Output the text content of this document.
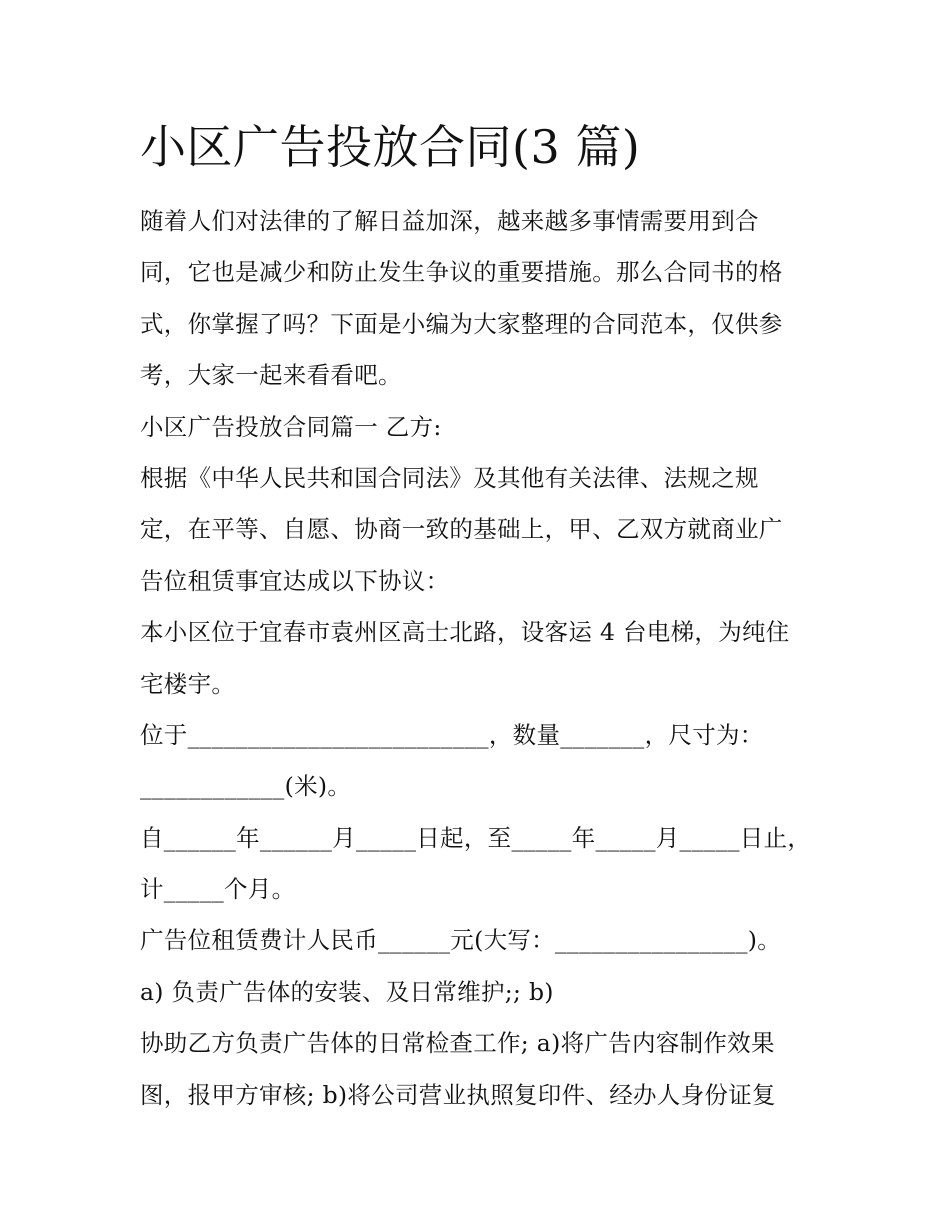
小区广告投放合同(3 篇)
随着人们对法律的了解日益加深，越来越多事情需要用到合
同，它也是减少和防止发生争议的重要措施。那么合同书的格
式，你掌握了吗？下面是小编为大家整理的合同范本，仅供参
考，大家一起来看看吧。
小区广告投放合同篇一 乙方:
根据《中华人民共和国合同法》及其他有关法律、法规之规
定，在平等、自愿、协商一致的基础上，甲、乙双方就商业广
告位租赁事宜达成以下协议：
本小区位于宜春市袁州区高士北路，设客运 4 台电梯，为纯住
宅楼宇。
位于_________________________，数量_______，尺寸为：
____________(米)。
自______年______月_____日起，至_____年_____月_____日止，
计_____个月。
广告位租赁费计人民币______元(大写：________________)。
a) 负责广告体的安装、及日常维护;; b)
协助乙方负责广告体的日常检查工作; a)将广告内容制作效果
图，报甲方审核; b)将公司营业执照复印件、经办人身份证复
